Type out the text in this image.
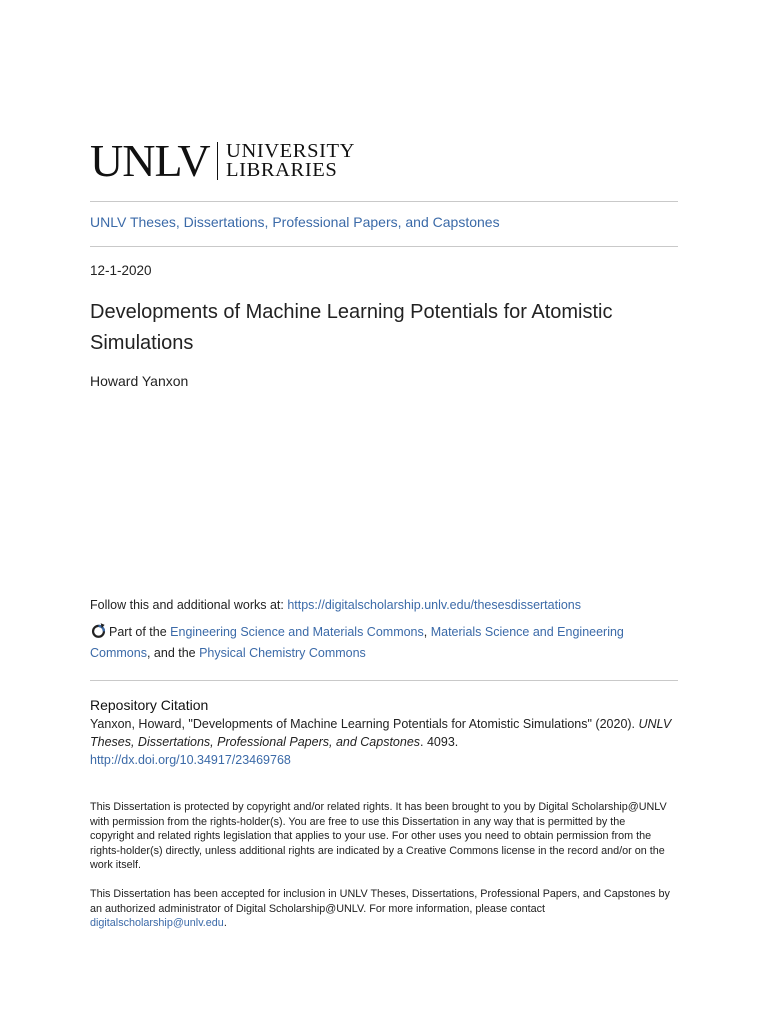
UNLV UNIVERSITY
LIBRARIES
UNLV Theses, Dissertations, Professional Papers, and Capstones
12-1-2020
Developments of Machine Learning Potentials for Atomistic Simulations
Howard Yanxon
Follow this and additional works at: https://digitalscholarship.unlv.edu/thesesdissertations
Part of the Engineering Science and Materials Commons, Materials Science and Engineering Commons, and the Physical Chemistry Commons
Repository Citation
Yanxon, Howard, "Developments of Machine Learning Potentials for Atomistic Simulations" (2020). UNLV Theses, Dissertations, Professional Papers, and Capstones. 4093.
http://dx.doi.org/10.34917/23469768
This Dissertation is protected by copyright and/or related rights. It has been brought to you by Digital Scholarship@UNLV with permission from the rights-holder(s). You are free to use this Dissertation in any way that is permitted by the copyright and related rights legislation that applies to your use. For other uses you need to obtain permission from the rights-holder(s) directly, unless additional rights are indicated by a Creative Commons license in the record and/or on the work itself.
This Dissertation has been accepted for inclusion in UNLV Theses, Dissertations, Professional Papers, and Capstones by an authorized administrator of Digital Scholarship@UNLV. For more information, please contact digitalscholarship@unlv.edu.
